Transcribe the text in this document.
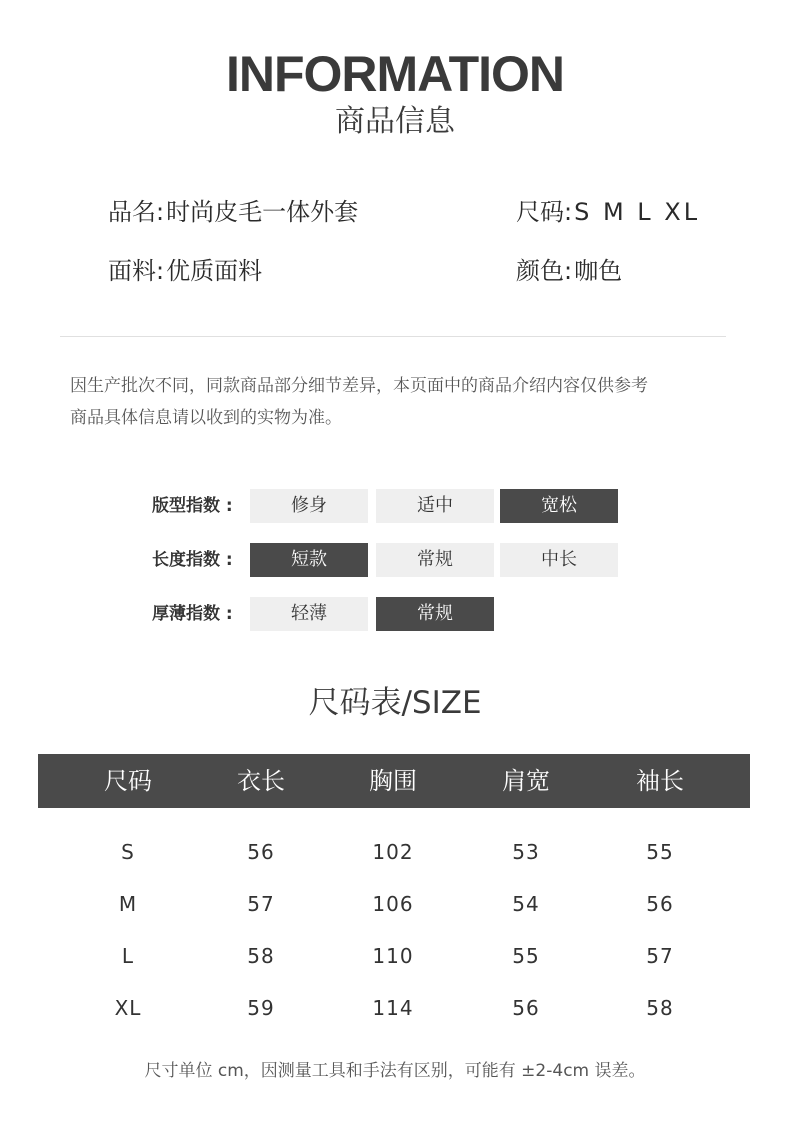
INFORMATION
商品信息
品名:时尚皮毛一体外套	尺码:S M L XL
面料:优质面料	颜色:咖色
因生产批次不同，同款商品部分细节差异，本页面中的商品介绍内容仅供参考
商品具体信息请以收到的实物为准。
版型指数 :	修身	适中	宽松
长度指数 :	短款	常规	中长
厚薄指数 :	轻薄	常规
尺码表/SIZE
尺码	衣长	胸围	肩宽	袖长
S	56	102	53	55
M	57	106	54	56
L	58	110	55	57
XL	59	114	56	58
尺寸单位 cm，因测量工具和手法有区别，可能有 ±2-4cm 误差。
